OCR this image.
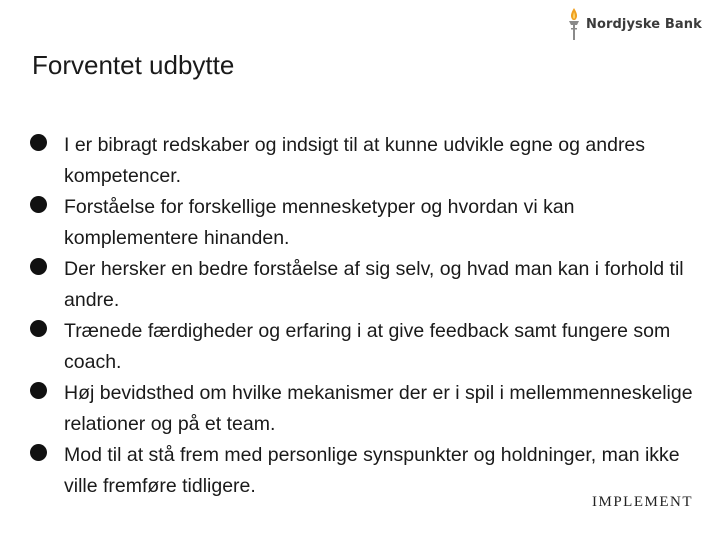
Nordjyske Bank
Forventet udbytte
I er bibragt redskaber og indsigt til at kunne udvikle egne og andres kompetencer.
Forståelse for forskellige mennesketyper og hvordan vi kan komplementere hinanden.
Der hersker en bedre forståelse af sig selv, og hvad man kan i forhold til andre.
Trænede færdigheder og erfaring i at give feedback samt fungere som coach.
Høj bevidsthed om hvilke mekanismer der er i spil i mellemmenneskelige relationer og på et team.
Mod til at stå frem med personlige synspunkter og holdninger, man ikke ville fremføre tidligere.
IMPLEMENT
